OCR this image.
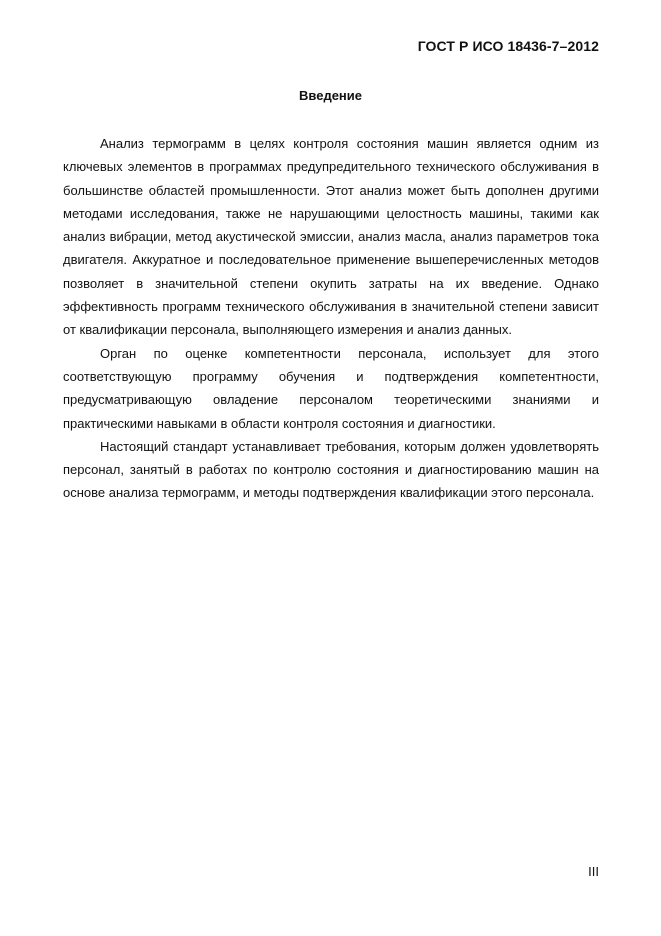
ГОСТ Р ИСО 18436-7–2012
Введение

Анализ термограмм в целях контроля состояния машин является одним из ключевых элементов в программах предупредительного технического обслуживания в большинстве областей промышленности. Этот анализ может быть дополнен другими методами исследования, также не нарушающими целостность машины, такими как анализ вибрации, метод акустической эмиссии, анализ масла, анализ параметров тока двигателя. Аккуратное и последовательное применение вышеперечисленных методов позволяет в значительной степени окупить затраты на их введение. Однако эффективность программ технического обслуживания в значительной степени зависит от квалификации персонала, выполняющего измерения и анализ данных.

Орган по оценке компетентности персонала, использует для этого соответствующую программу обучения и подтверждения компетентности, предусматривающую овладение персоналом теоретическими знаниями и практическими навыками в области контроля состояния и диагностики.

Настоящий стандарт устанавливает требования, которым должен удовлетворять персонал, занятый в работах по контролю состояния и диагностированию машин на основе анализа термограмм, и методы подтверждения квалификации этого персонала.

III
